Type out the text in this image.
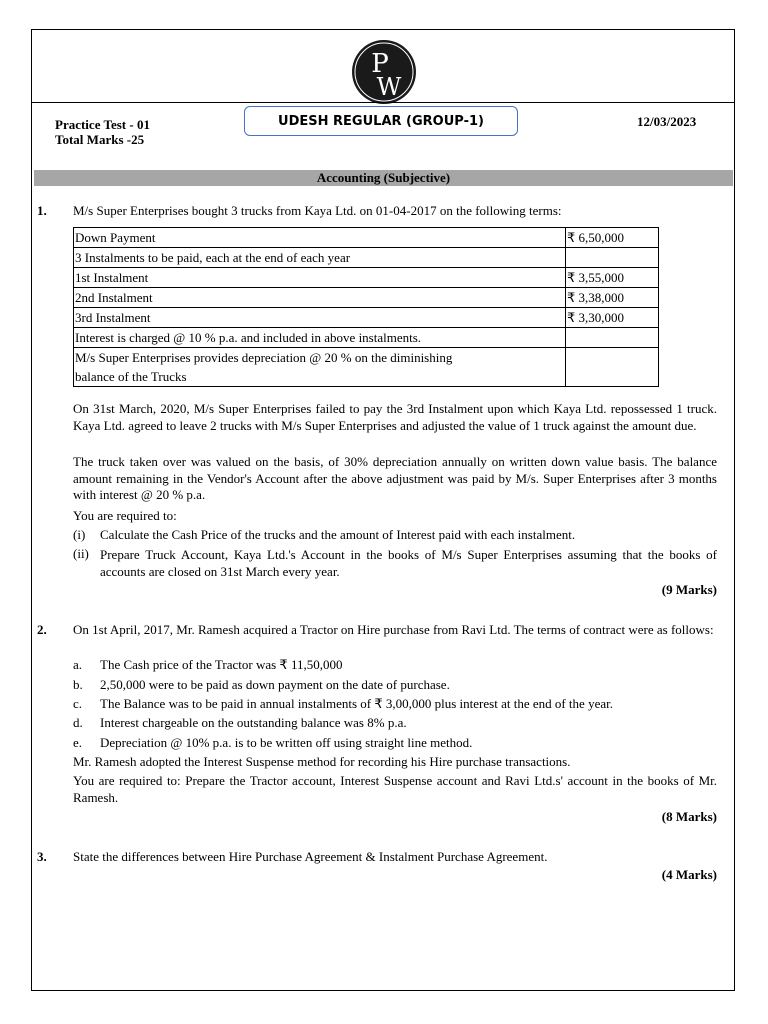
P
W
Practice Test - 01
Total Marks -25
UDESH REGULAR (GROUP-1)	12/03/2023
Accounting (Subjective)
1. M/s Super Enterprises bought 3 trucks from Kaya Ltd. on 01-04-2017 on the following terms:
Down Payment	₹ 6,50,000
3 Instalments to be paid, each at the end of each year	
1st Instalment	₹ 3,55,000
2nd Instalment	₹ 3,38,000
3rd Instalment	₹ 3,30,000
Interest is charged @ 10 % p.a. and included in above instalments.	
M/s Super Enterprises provides depreciation @ 20 % on the diminishing balance of the Trucks	
On 31st March, 2020, M/s Super Enterprises failed to pay the 3rd Instalment upon which Kaya Ltd. repossessed 1 truck. Kaya Ltd. agreed to leave 2 trucks with M/s Super Enterprises and adjusted the value of 1 truck against the amount due.
The truck taken over was valued on the basis, of 30% depreciation annually on written down value basis. The balance amount remaining in the Vendor's Account after the above adjustment was paid by M/s. Super Enterprises after 3 months with interest @ 20 % p.a.
You are required to:
(i) Calculate the Cash Price of the trucks and the amount of Interest paid with each instalment.
(ii) Prepare Truck Account, Kaya Ltd.'s Account in the books of M/s Super Enterprises assuming that the books of accounts are closed on 31st March every year.
(9 Marks)
2. On 1st April, 2017, Mr. Ramesh acquired a Tractor on Hire purchase from Ravi Ltd. The terms of contract were as follows:
a. The Cash price of the Tractor was ₹ 11,50,000
b. 2,50,000 were to be paid as down payment on the date of purchase.
c. The Balance was to be paid in annual instalments of ₹ 3,00,000 plus interest at the end of the year.
d. Interest chargeable on the outstanding balance was 8% p.a.
e. Depreciation @ 10% p.a. is to be written off using straight line method.
Mr. Ramesh adopted the Interest Suspense method for recording his Hire purchase transactions.
You are required to: Prepare the Tractor account, Interest Suspense account and Ravi Ltd.s' account in the books of Mr. Ramesh.
(8 Marks)
3. State the differences between Hire Purchase Agreement & Instalment Purchase Agreement.
(4 Marks)
